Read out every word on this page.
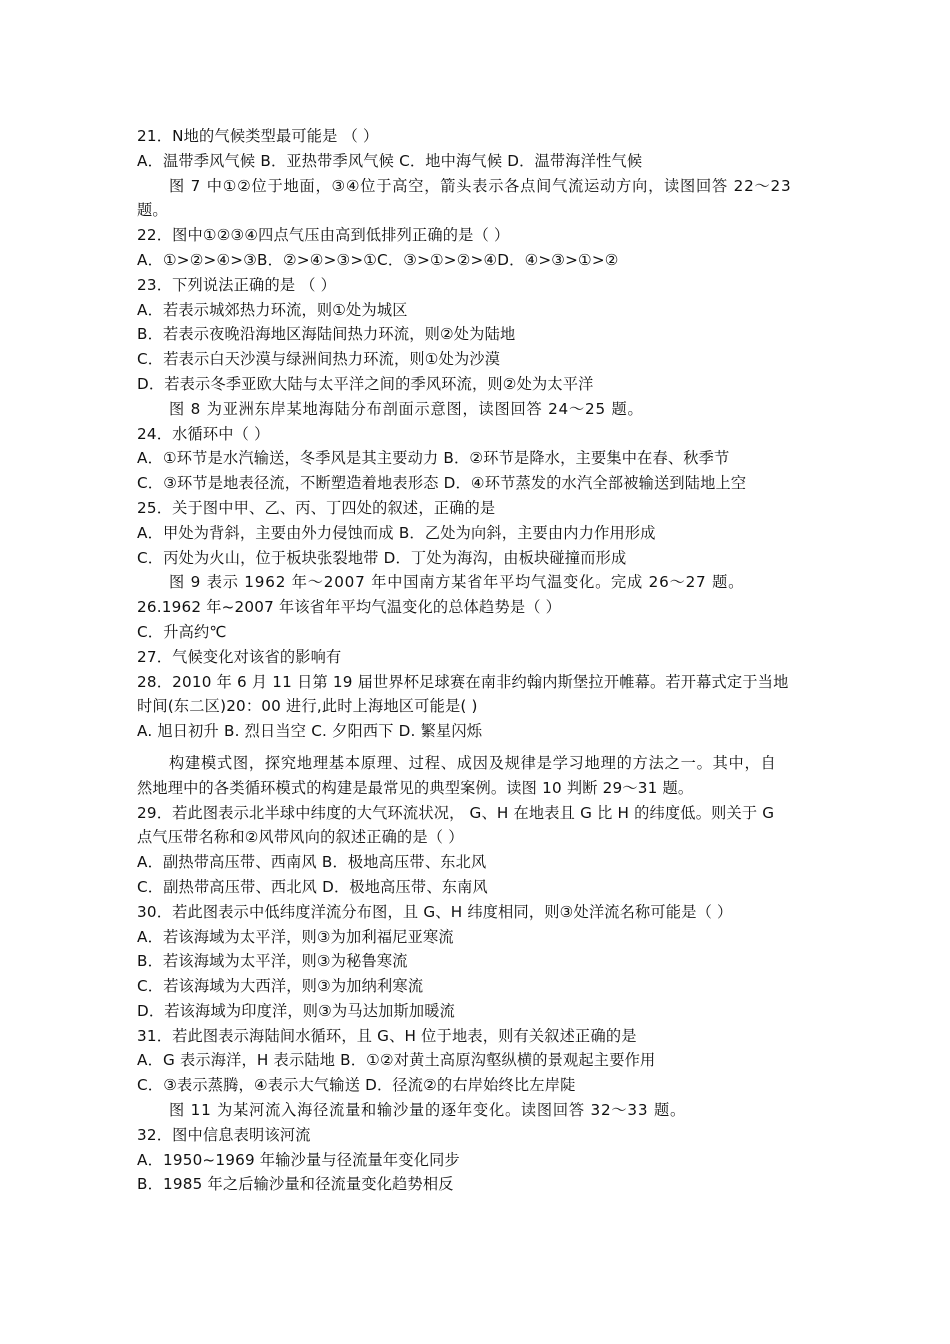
21．N地的气候类型最可能是 （ ）
A．温带季风气候 B．亚热带季风气候 C．地中海气候 D．温带海洋性气候
图 7 中①②位于地面，③④位于高空，箭头表示各点间气流运动方向，读图回答 22～23
题。
22．图中①②③④四点气压由高到低排列正确的是（ ）
A．①>②>④>③B．②>④>③>①C．③>①>②>④D．④>③>①>②
23．下列说法正确的是 （ ）
A．若表示城郊热力环流，则①处为城区
B．若表示夜晚沿海地区海陆间热力环流，则②处为陆地
C．若表示白天沙漠与绿洲间热力环流，则①处为沙漠
D．若表示冬季亚欧大陆与太平洋之间的季风环流，则②处为太平洋
图 8 为亚洲东岸某地海陆分布剖面示意图，读图回答 24～25 题。
24．水循环中（ ）
A．①环节是水汽输送，冬季风是其主要动力 B．②环节是降水，主要集中在春、秋季节
C．③环节是地表径流，不断塑造着地表形态 D．④环节蒸发的水汽全部被输送到陆地上空
25．关于图中甲、乙、丙、丁四处的叙述，正确的是
A．甲处为背斜，主要由外力侵蚀而成 B．乙处为向斜，主要由内力作用形成
C．丙处为火山，位于板块张裂地带 D．丁处为海沟，由板块碰撞而形成
图 9 表示 1962 年～2007 年中国南方某省年平均气温变化。完成 26～27 题。
26.1962 年~2007 年该省年平均气温变化的总体趋势是（ ）
C．升高约℃
27．气候变化对该省的影响有
28．2010 年 6 月 11 日第 19 届世界杯足球赛在南非约翰内斯堡拉开帷幕。若开幕式定于当地
时间(东二区)20：00 进行,此时上海地区可能是( )
A. 旭日初升 B. 烈日当空 C. 夕阳西下 D. 繁星闪烁
构建模式图，探究地理基本原理、过程、成因及规律是学习地理的方法之一。其中，自
然地理中的各类循环模式的构建是最常见的典型案例。读图 10 判断 29～31 题。
29．若此图表示北半球中纬度的大气环流状况， G、H 在地表且 G 比 H 的纬度低。则关于 G
点气压带名称和②风带风向的叙述正确的是（ ）
A．副热带高压带、西南风 B．极地高压带、东北风
C．副热带高压带、西北风 D．极地高压带、东南风
30．若此图表示中低纬度洋流分布图，且 G、H 纬度相同，则③处洋流名称可能是（ ）
A．若该海域为太平洋，则③为加利福尼亚寒流
B．若该海域为太平洋，则③为秘鲁寒流
C．若该海域为大西洋，则③为加纳利寒流
D．若该海域为印度洋，则③为马达加斯加暖流
31．若此图表示海陆间水循环，且 G、H 位于地表，则有关叙述正确的是
A．G 表示海洋，H 表示陆地 B．①②对黄土高原沟壑纵横的景观起主要作用
C．③表示蒸腾，④表示大气输送 D．径流②的右岸始终比左岸陡
图 11 为某河流入海径流量和输沙量的逐年变化。读图回答 32～33 题。
32．图中信息表明该河流
A．1950~1969 年输沙量与径流量年变化同步
B．1985 年之后输沙量和径流量变化趋势相反
